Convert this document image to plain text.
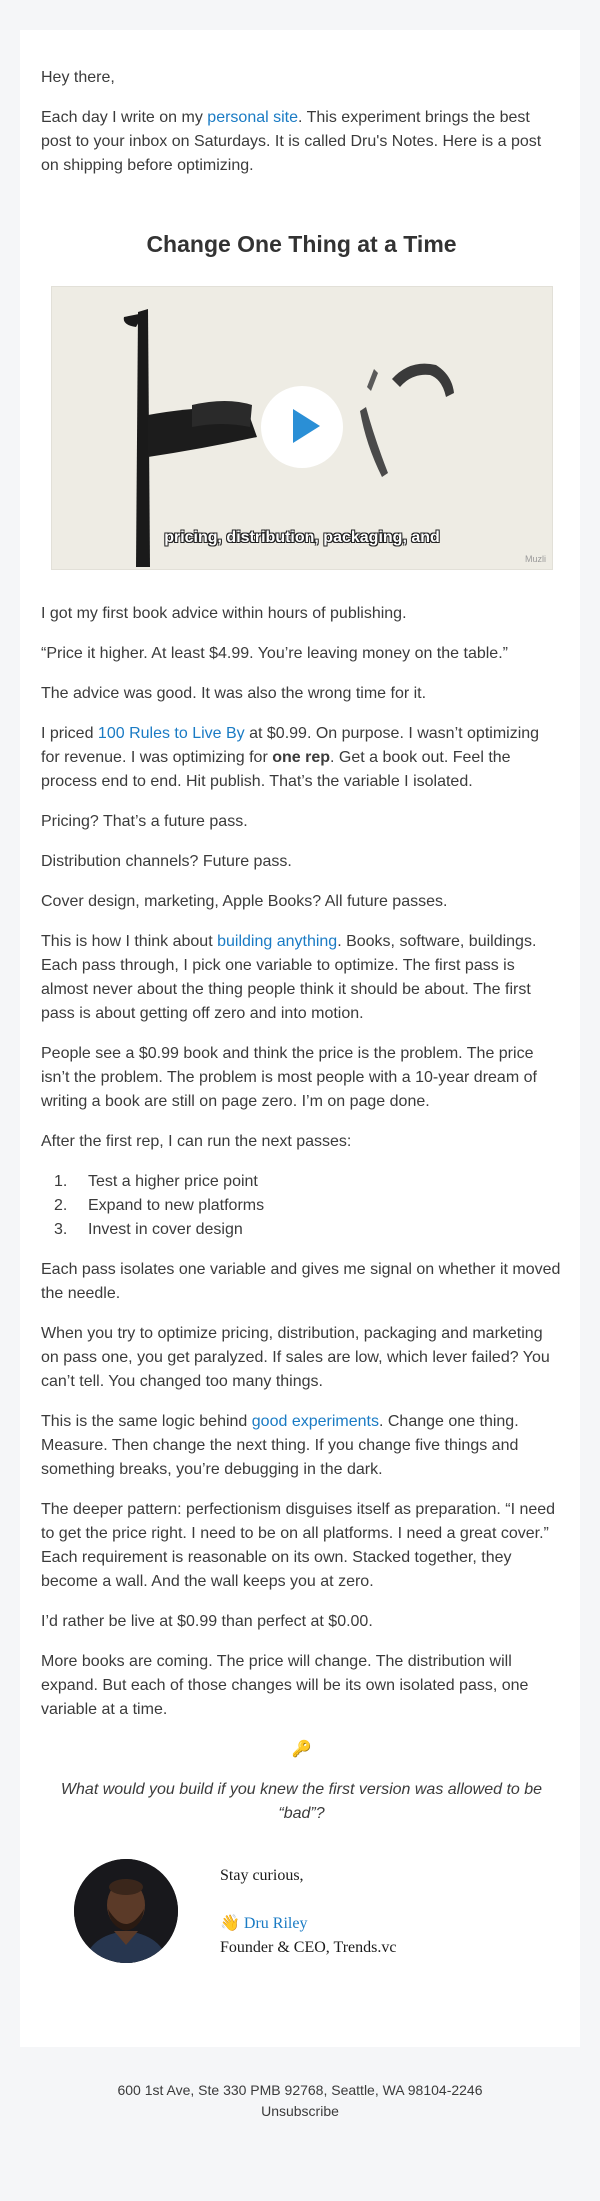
Hey there,

Each day I write on my personal site. This experiment brings the best post to your inbox on Saturdays. It is called Dru's Notes. Here is a post on shipping before optimizing.

Change One Thing at a Time
pricing, distribution, packaging, and
Muzli

I got my first book advice within hours of publishing.

“Price it higher. At least $4.99. You’re leaving money on the table.”

The advice was good. It was also the wrong time for it.

I priced 100 Rules to Live By at $0.99. On purpose. I wasn’t optimizing for revenue. I was optimizing for one rep. Get a book out. Feel the process end to end. Hit publish. That’s the variable I isolated.

Pricing? That’s a future pass.

Distribution channels? Future pass.

Cover design, marketing, Apple Books? All future passes.

This is how I think about building anything. Books, software, buildings. Each pass through, I pick one variable to optimize. The first pass is almost never about the thing people think it should be about. The first pass is about getting off zero and into motion.

People see a $0.99 book and think the price is the problem. The price isn’t the problem. The problem is most people with a 10-year dream of writing a book are still on page zero. I’m on page done.

After the first rep, I can run the next passes:

1. Test a higher price point
2. Expand to new platforms
3. Invest in cover design

Each pass isolates one variable and gives me signal on whether it moved the needle.

When you try to optimize pricing, distribution, packaging and marketing on pass one, you get paralyzed. If sales are low, which lever failed? You can’t tell. You changed too many things.

This is the same logic behind good experiments. Change one thing. Measure. Then change the next thing. If you change five things and something breaks, you’re debugging in the dark.

The deeper pattern: perfectionism disguises itself as preparation. “I need to get the price right. I need to be on all platforms. I need a great cover.” Each requirement is reasonable on its own. Stacked together, they become a wall. And the wall keeps you at zero.

I’d rather be live at $0.99 than perfect at $0.00.

More books are coming. The price will change. The distribution will expand. But each of those changes will be its own isolated pass, one variable at a time.

🔑
What would you build if you knew the first version was allowed to be “bad”?
Stay curious,
👋 Dru Riley
Founder & CEO, Trends.vc
600 1st Ave, Ste 330 PMB 92768, Seattle, WA 98104-2246
Unsubscribe
